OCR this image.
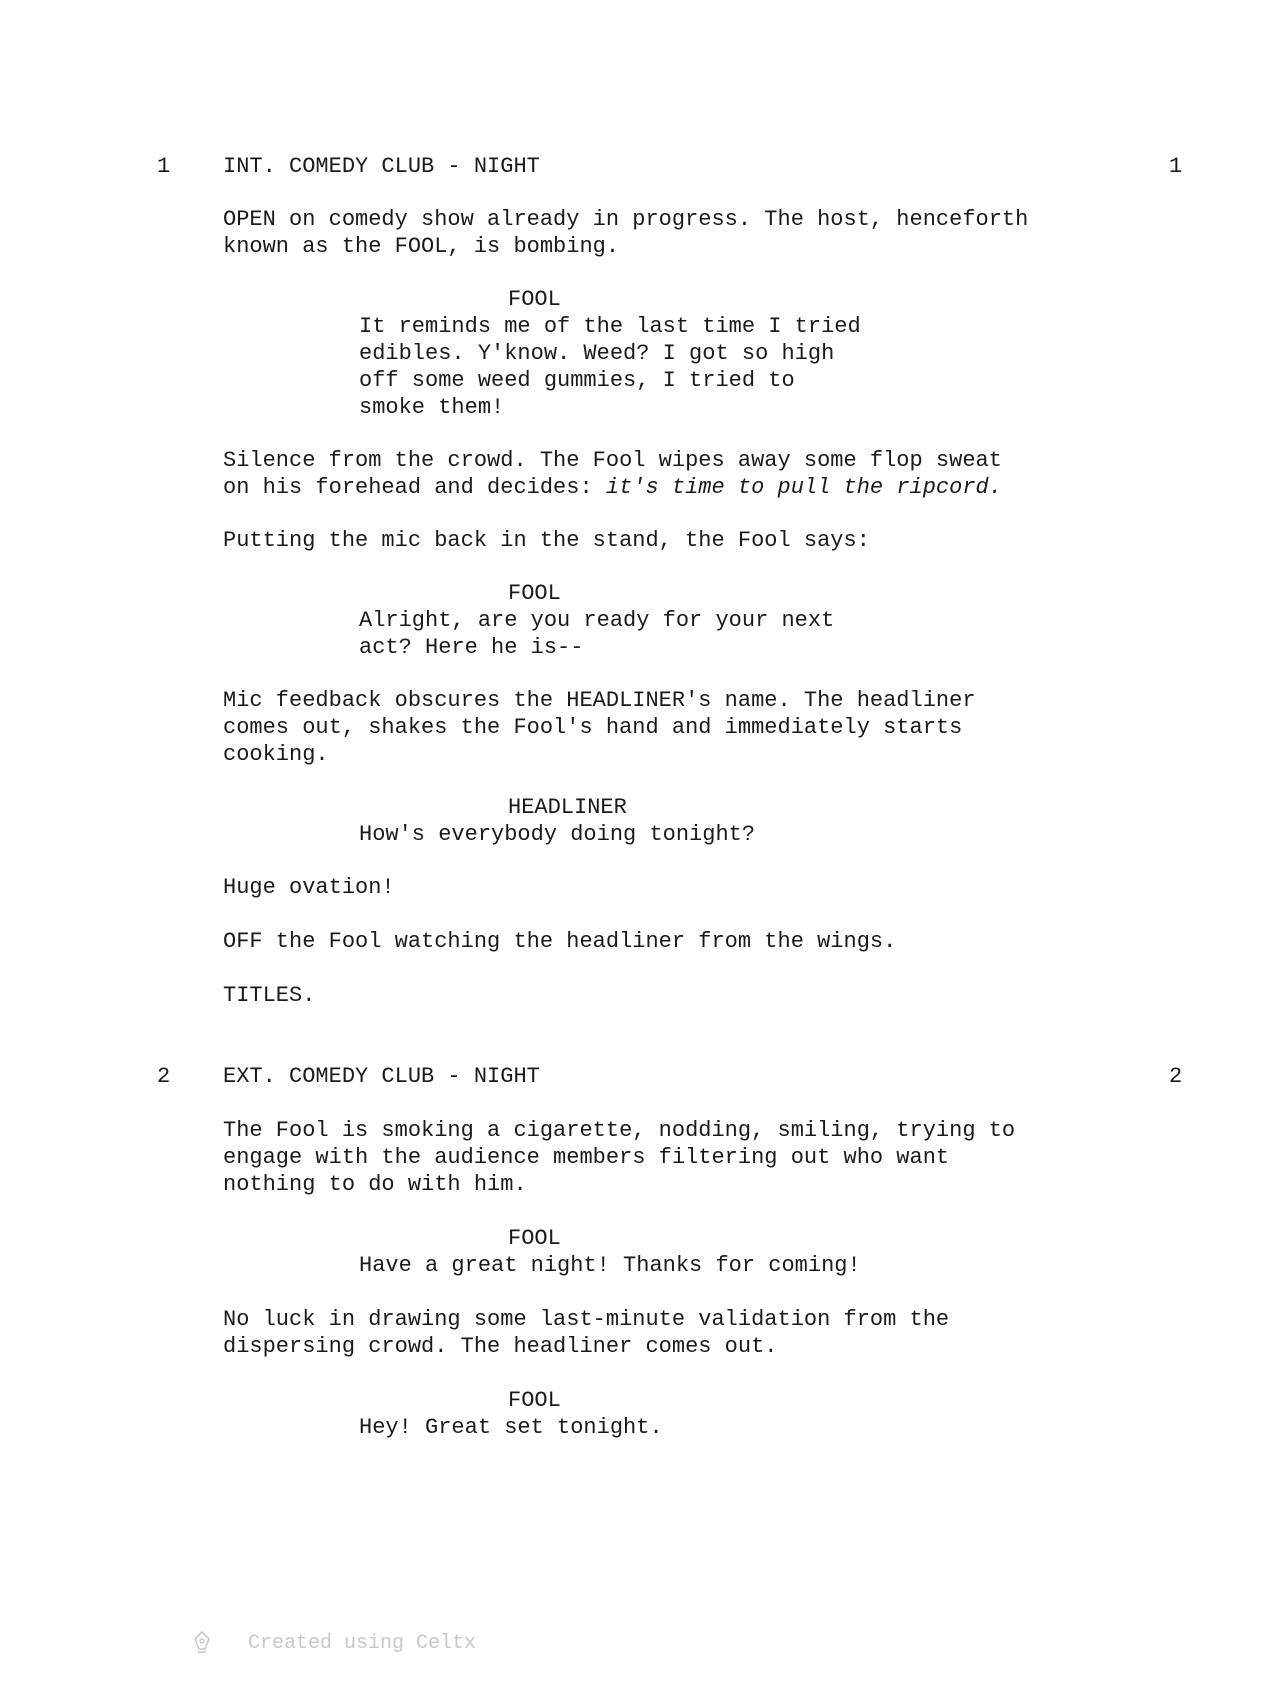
1 INT. COMEDY CLUB - NIGHT	1
OPEN on comedy show already in progress. The host, henceforth
known as the FOOL, is bombing.
FOOL
It reminds me of the last time I tried
edibles. Y'know. Weed? I got so high
off some weed gummies, I tried to
smoke them!
Silence from the crowd. The Fool wipes away some flop sweat
on his forehead and decides: it's time to pull the ripcord.
Putting the mic back in the stand, the Fool says:
FOOL
Alright, are you ready for your next
act? Here he is--
Mic feedback obscures the HEADLINER's name. The headliner
comes out, shakes the Fool's hand and immediately starts
cooking.
HEADLINER
How's everybody doing tonight?
Huge ovation!
OFF the Fool watching the headliner from the wings.
TITLES.
2 EXT. COMEDY CLUB - NIGHT	2
The Fool is smoking a cigarette, nodding, smiling, trying to
engage with the audience members filtering out who want
nothing to do with him.
FOOL
Have a great night! Thanks for coming!
No luck in drawing some last-minute validation from the
dispersing crowd. The headliner comes out.
FOOL
Hey! Great set tonight.

Created using Celtx
